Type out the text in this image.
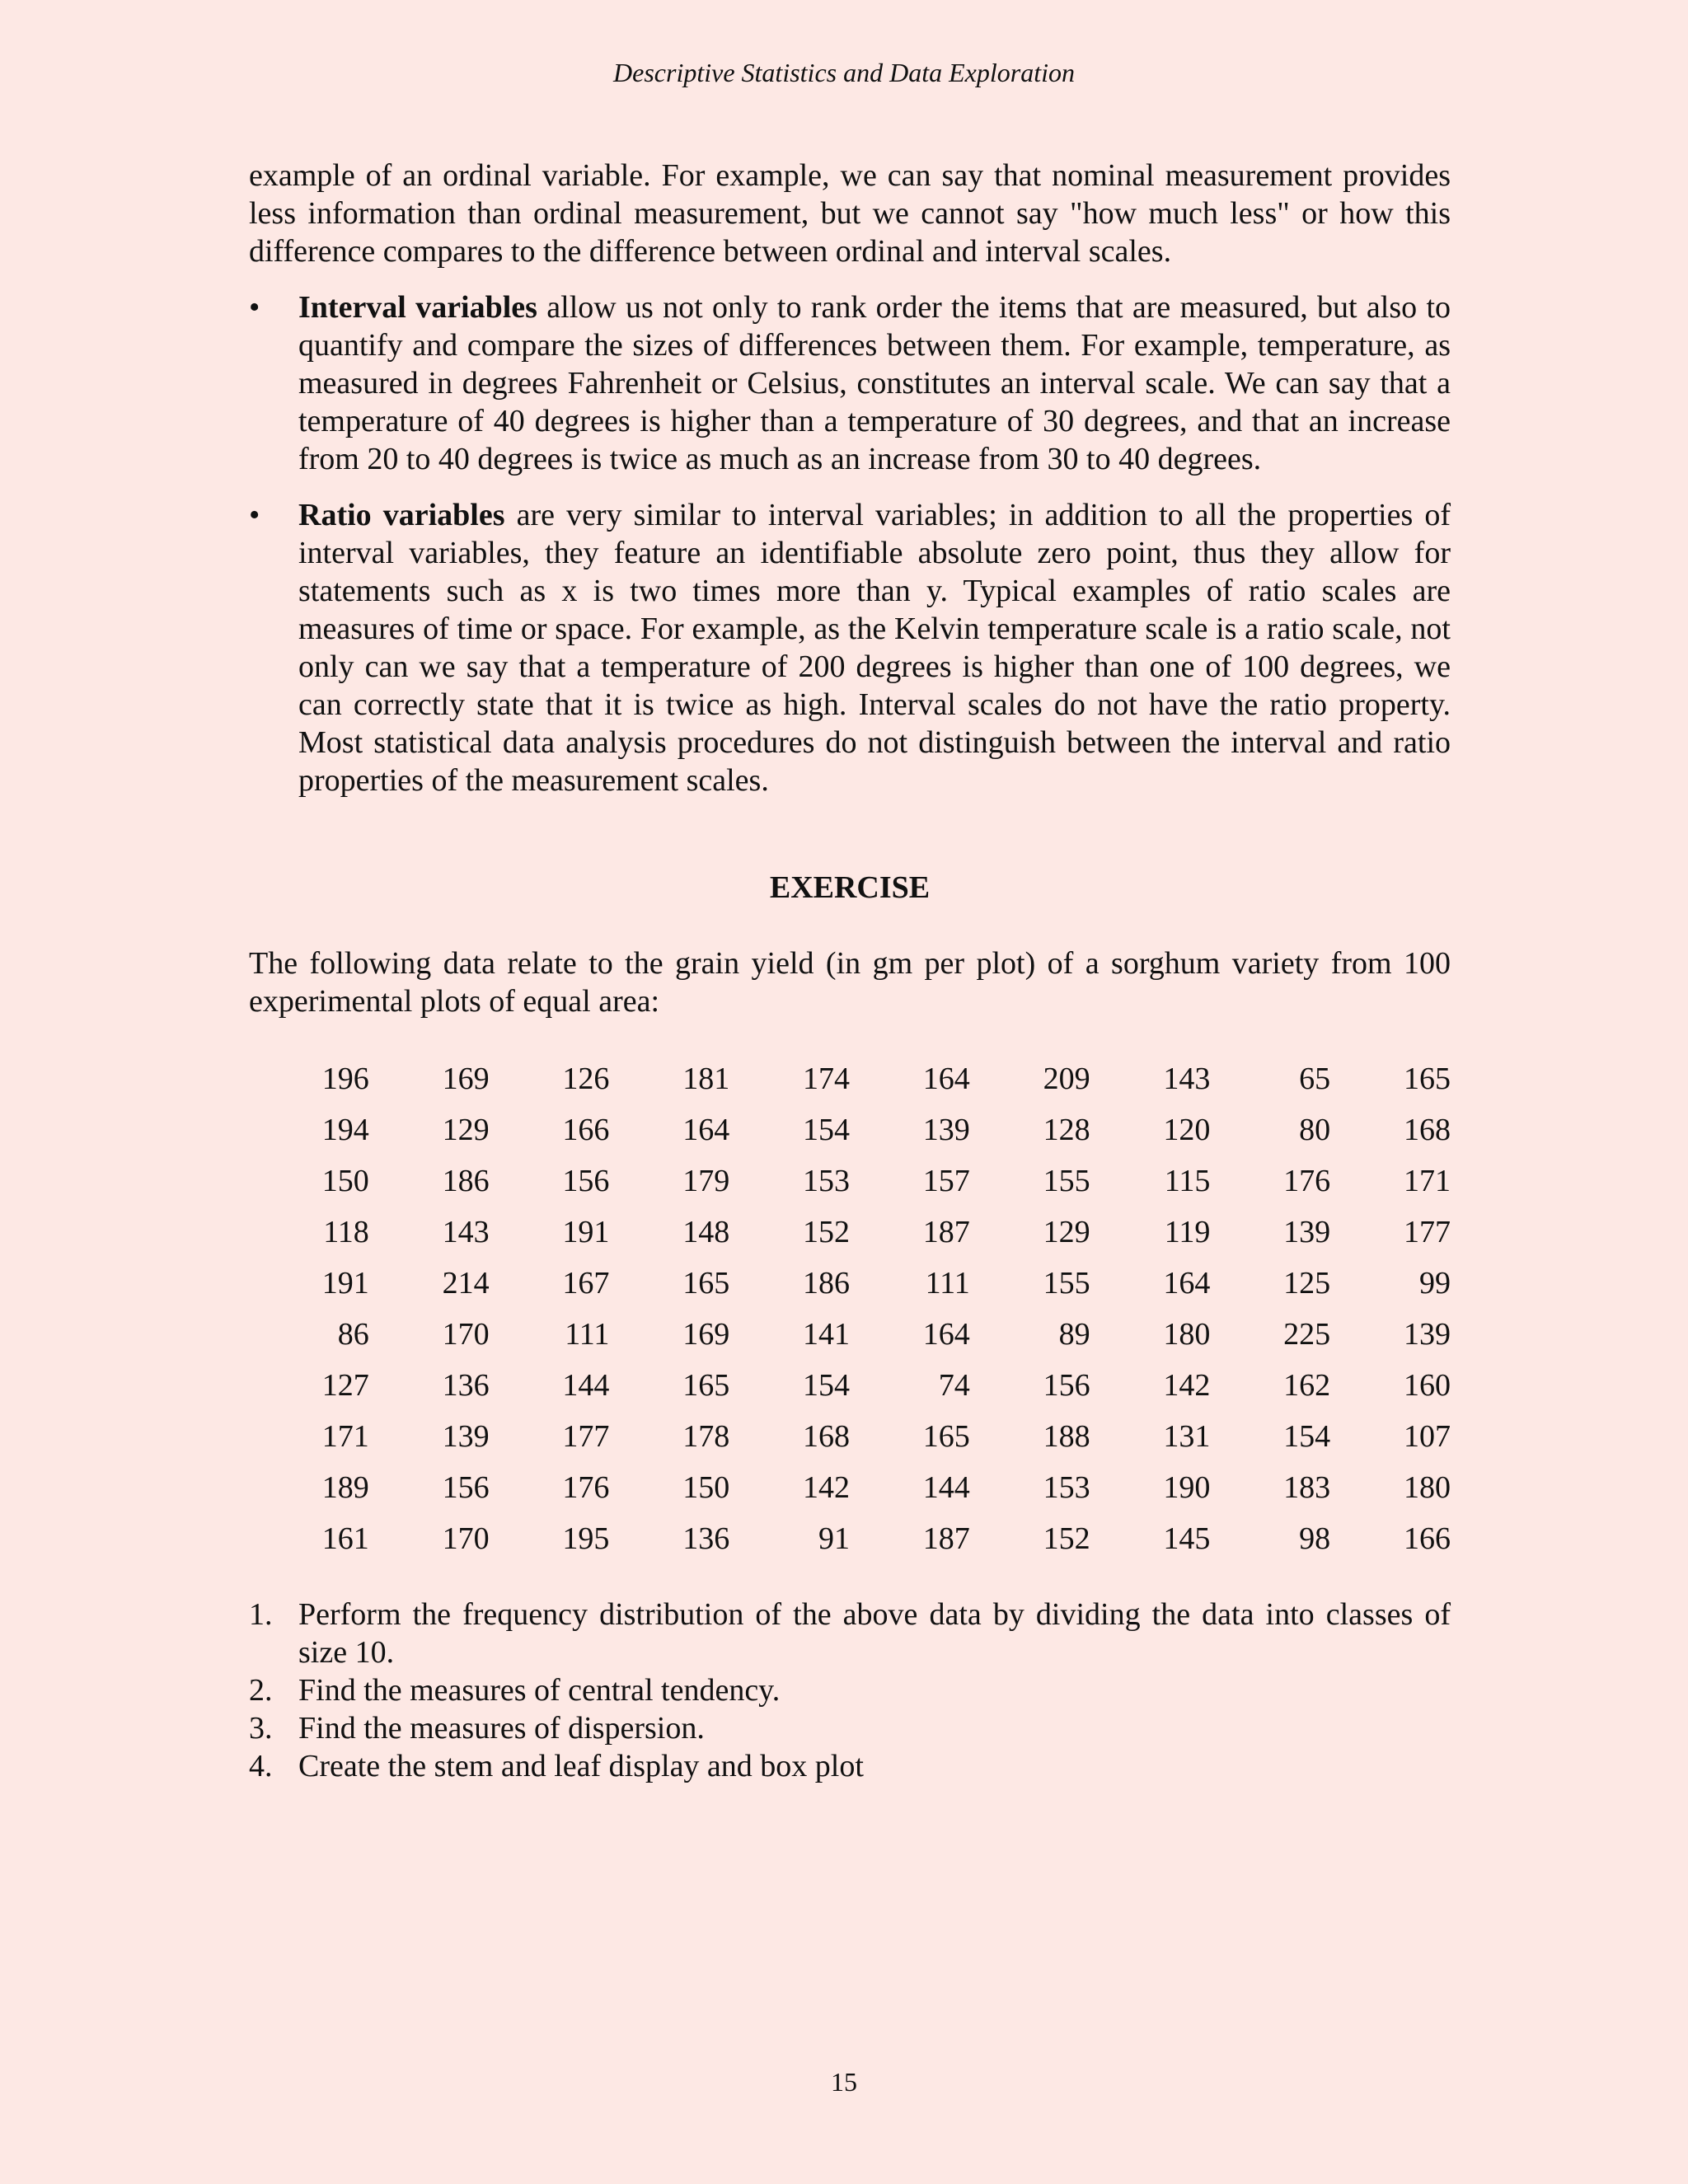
Descriptive Statistics and Data Exploration

example of an ordinal variable. For example, we can say that nominal measurement provides less information than ordinal measurement, but we cannot say "how much less" or how this difference compares to the difference between ordinal and interval scales.

• Interval variables allow us not only to rank order the items that are measured, but also to quantify and compare the sizes of differences between them. For example, temperature, as measured in degrees Fahrenheit or Celsius, constitutes an interval scale. We can say that a temperature of 40 degrees is higher than a temperature of 30 degrees, and that an increase from 20 to 40 degrees is twice as much as an increase from 30 to 40 degrees.
• Ratio variables are very similar to interval variables; in addition to all the properties of interval variables, they feature an identifiable absolute zero point, thus they allow for statements such as x is two times more than y. Typical examples of ratio scales are measures of time or space. For example, as the Kelvin temperature scale is a ratio scale, not only can we say that a temperature of 200 degrees is higher than one of 100 degrees, we can correctly state that it is twice as high. Interval scales do not have the ratio property. Most statistical data analysis procedures do not distinguish between the interval and ratio properties of the measurement scales.
EXERCISE

The following data relate to the grain yield (in gm per plot) of a sorghum variety from 100 experimental plots of equal area:

196	169	126	181	174	164	209	143	65	165
194	129	166	164	154	139	128	120	80	168
150	186	156	179	153	157	155	115	176	171
118	143	191	148	152	187	129	119	139	177
191	214	167	165	186	111	155	164	125	99
86	170	111	169	141	164	89	180	225	139
127	136	144	165	154	74	156	142	162	160
171	139	177	178	168	165	188	131	154	107
189	156	176	150	142	144	153	190	183	180
161	170	195	136	91	187	152	145	98	166
1. Perform the frequency distribution of the above data by dividing the data into classes of size 10.
2. Find the measures of central tendency.
3. Find the measures of dispersion.
4. Create the stem and leaf display and box plot
15
